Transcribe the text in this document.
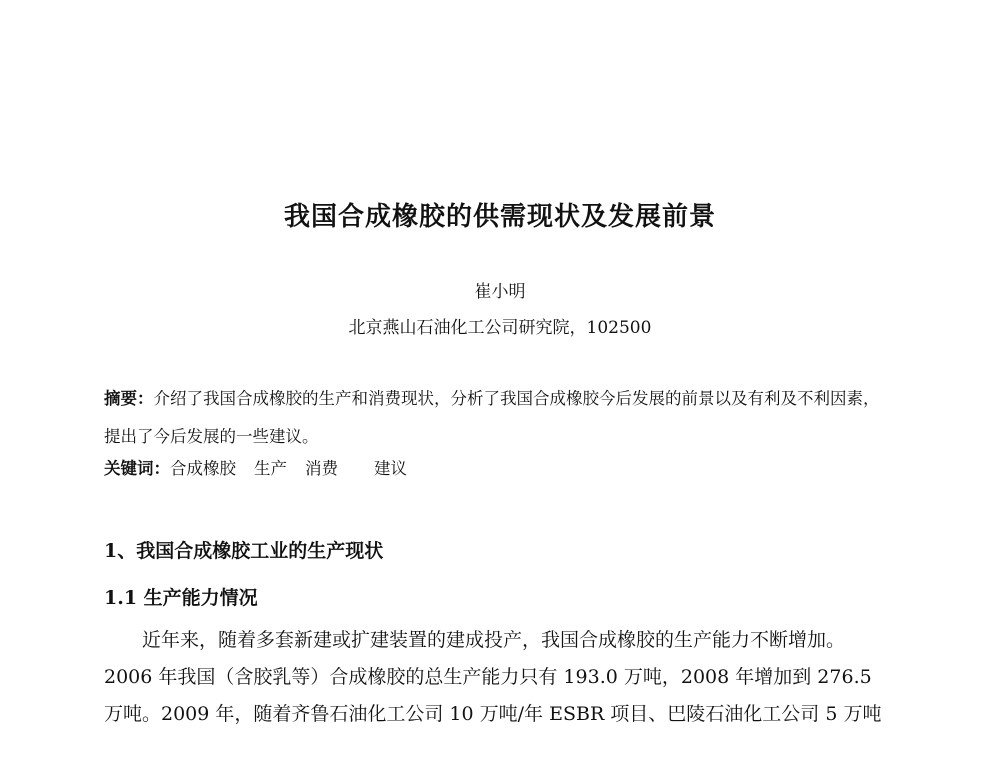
我国合成橡胶的供需现状及发展前景
崔小明
北京燕山石油化工公司研究院，102500
摘要：介绍了我国合成橡胶的生产和消费现状，分析了我国合成橡胶今后发展的前景以及有利及不利因素，提出了今后发展的一些建议。
关键词：合成橡胶 生产 消费 建议
1、我国合成橡胶工业的生产现状
1.1 生产能力情况
近年来，随着多套新建或扩建装置的建成投产，我国合成橡胶的生产能力不断增加。
2006 年我国（含胶乳等）合成橡胶的总生产能力只有 193.0 万吨，2008 年增加到 276.5
万吨。2009 年，随着齐鲁石油化工公司 10 万吨/年 ESBR 项目、巴陵石油化工公司 5 万吨
